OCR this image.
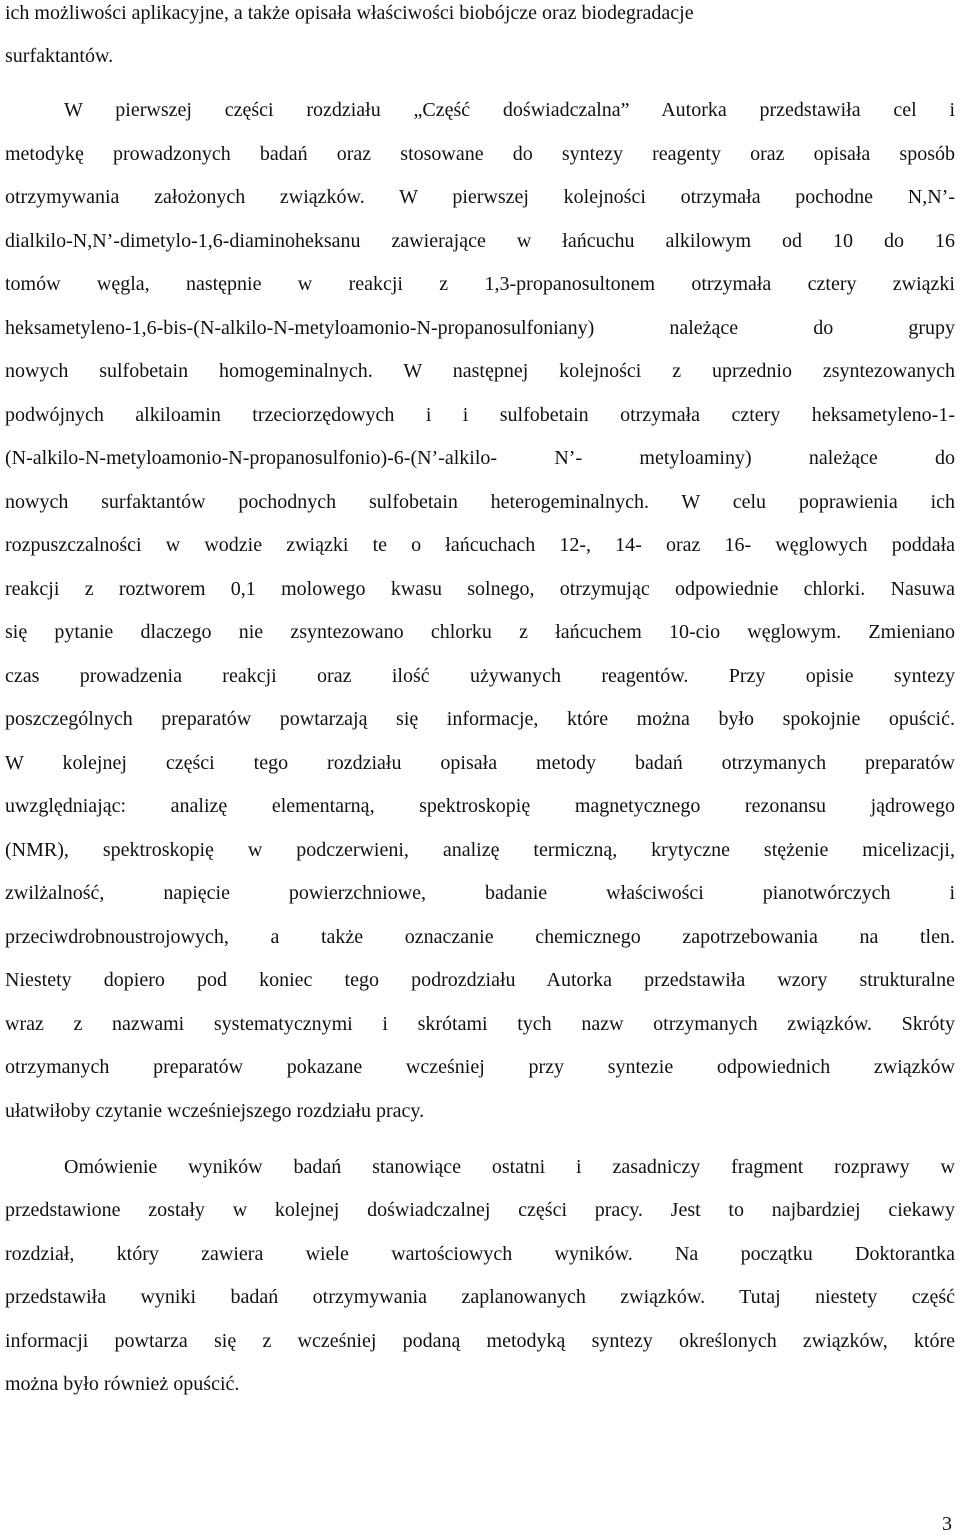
ich możliwości aplikacyjne, a także opisała właściwości biobójcze oraz biodegradacje
surfaktantów.
W pierwszej części rozdziału „Część doświadczalna” Autorka przedstawiła cel i
metodykę prowadzonych badań oraz stosowane do syntezy reagenty oraz opisała sposób
otrzymywania założonych związków. W pierwszej kolejności otrzymała pochodne N,N’-
dialkilo-N,N’-dimetylo-1,6-diaminoheksanu zawierające w łańcuchu alkilowym od 10 do 16
tomów węgla, następnie w reakcji z 1,3-propanosultonem otrzymała cztery związki
heksametyleno-1,6-bis-(N-alkilo-N-metyloamonio-N-propanosulfoniany) należące do grupy
nowych sulfobetain homogeminalnych. W następnej kolejności z uprzednio zsyntezowanych
podwójnych alkiloamin trzeciorzędowych i i sulfobetain otrzymała cztery heksametyleno-1-
(N-alkilo-N-metyloamonio-N-propanosulfonio)-6-(N’-alkilo- N’- metyloaminy) należące do
nowych surfaktantów pochodnych sulfobetain heterogeminalnych. W celu poprawienia ich
rozpuszczalności w wodzie związki te o łańcuchach 12-, 14- oraz 16- węglowych poddała
reakcji z roztworem 0,1 molowego kwasu solnego, otrzymując odpowiednie chlorki. Nasuwa
się pytanie dlaczego nie zsyntezowano chlorku z łańcuchem 10-cio węglowym. Zmieniano
czas prowadzenia reakcji oraz ilość używanych reagentów. Przy opisie syntezy
poszczególnych preparatów powtarzają się informacje, które można było spokojnie opuścić.
W kolejnej części tego rozdziału opisała metody badań otrzymanych preparatów
uwzględniając: analizę elementarną, spektroskopię magnetycznego rezonansu jądrowego
(NMR), spektroskopię w podczerwieni, analizę termiczną, krytyczne stężenie micelizacji,
zwilżalność, napięcie powierzchniowe, badanie właściwości pianotwórczych i
przeciwdrobnoustrojowych, a także oznaczanie chemicznego zapotrzebowania na tlen.
Niestety dopiero pod koniec tego podrozdziału Autorka przedstawiła wzory strukturalne
wraz z nazwami systematycznymi i skrótami tych nazw otrzymanych związków. Skróty
otrzymanych preparatów pokazane wcześniej przy syntezie odpowiednich związków
ułatwiłoby czytanie wcześniejszego rozdziału pracy.
Omówienie wyników badań stanowiące ostatni i zasadniczy fragment rozprawy w
przedstawione zostały w kolejnej doświadczalnej części pracy. Jest to najbardziej ciekawy
rozdział, który zawiera wiele wartościowych wyników. Na początku Doktorantka
przedstawiła wyniki badań otrzymywania zaplanowanych związków. Tutaj niestety część
informacji powtarza się z wcześniej podaną metodyką syntezy określonych związków, które
można było również opuścić.
3
